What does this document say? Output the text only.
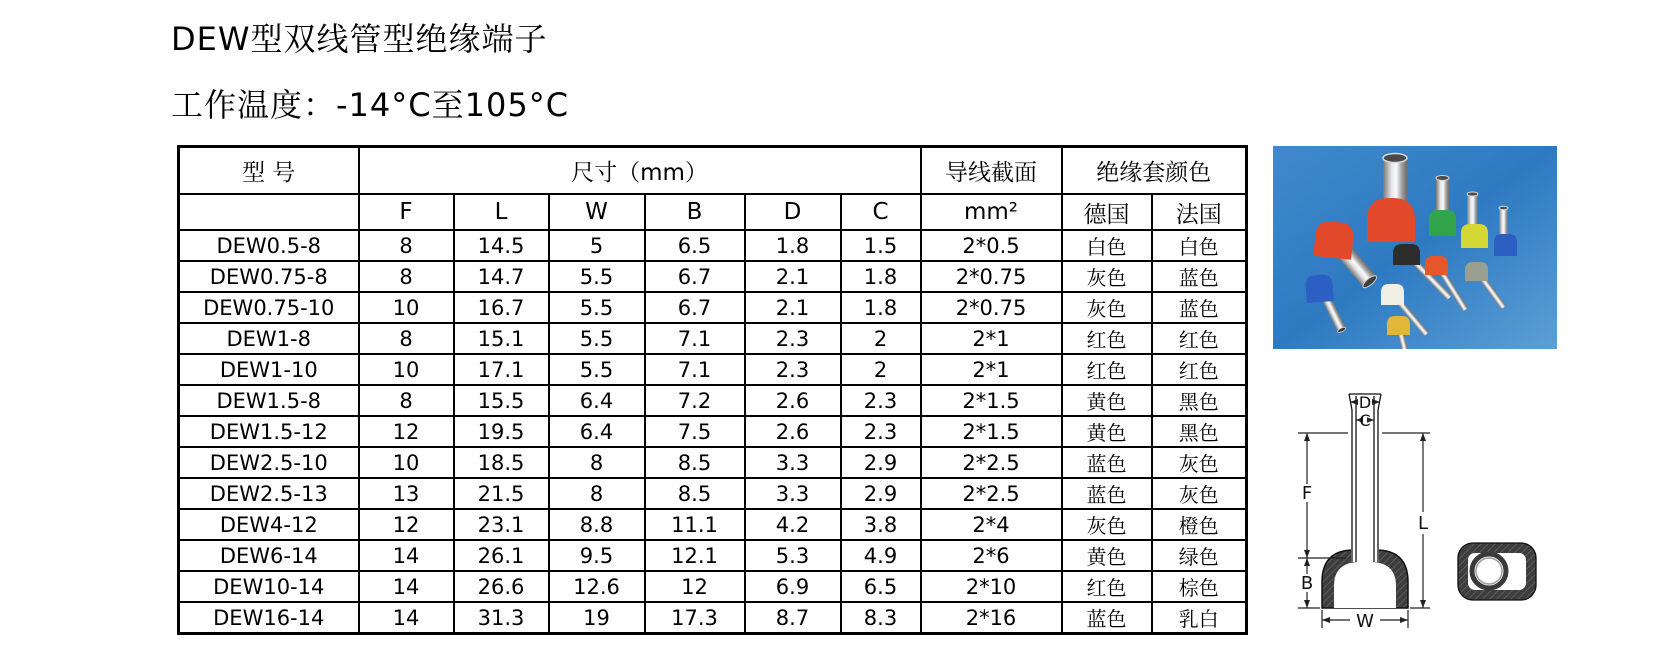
DEW型双线管型绝缘端子
工作温度：-14°C至105°C
型 号	尺寸（mm）						导线截面	绝缘套颜色	
	F	L	W	B	D	C	mm²	德国	法国
DEW0.5-8	8	14.5	5	6.5	1.8	1.5	2*0.5	白色	白色
DEW0.75-8	8	14.7	5.5	6.7	2.1	1.8	2*0.75	灰色	蓝色
DEW0.75-10	10	16.7	5.5	6.7	2.1	1.8	2*0.75	灰色	蓝色
DEW1-8	8	15.1	5.5	7.1	2.3	2	2*1	红色	红色
DEW1-10	10	17.1	5.5	7.1	2.3	2	2*1	红色	红色
DEW1.5-8	8	15.5	6.4	7.2	2.6	2.3	2*1.5	黄色	黑色
DEW1.5-12	12	19.5	6.4	7.5	2.6	2.3	2*1.5	黄色	黑色
DEW2.5-10	10	18.5	8	8.5	3.3	2.9	2*2.5	蓝色	灰色
DEW2.5-13	13	21.5	8	8.5	3.3	2.9	2*2.5	蓝色	灰色
DEW4-12	12	23.1	8.8	11.1	4.2	3.8	2*4	灰色	橙色
DEW6-14	14	26.1	9.5	12.1	5.3	4.9	2*6	黄色	绿色
DEW10-14	14	26.6	12.6	12	6.9	6.5	2*10	红色	棕色
DEW16-14	14	31.3	19	17.3	8.7	8.3	2*16	蓝色	乳白
D
C
F
B
L
W
